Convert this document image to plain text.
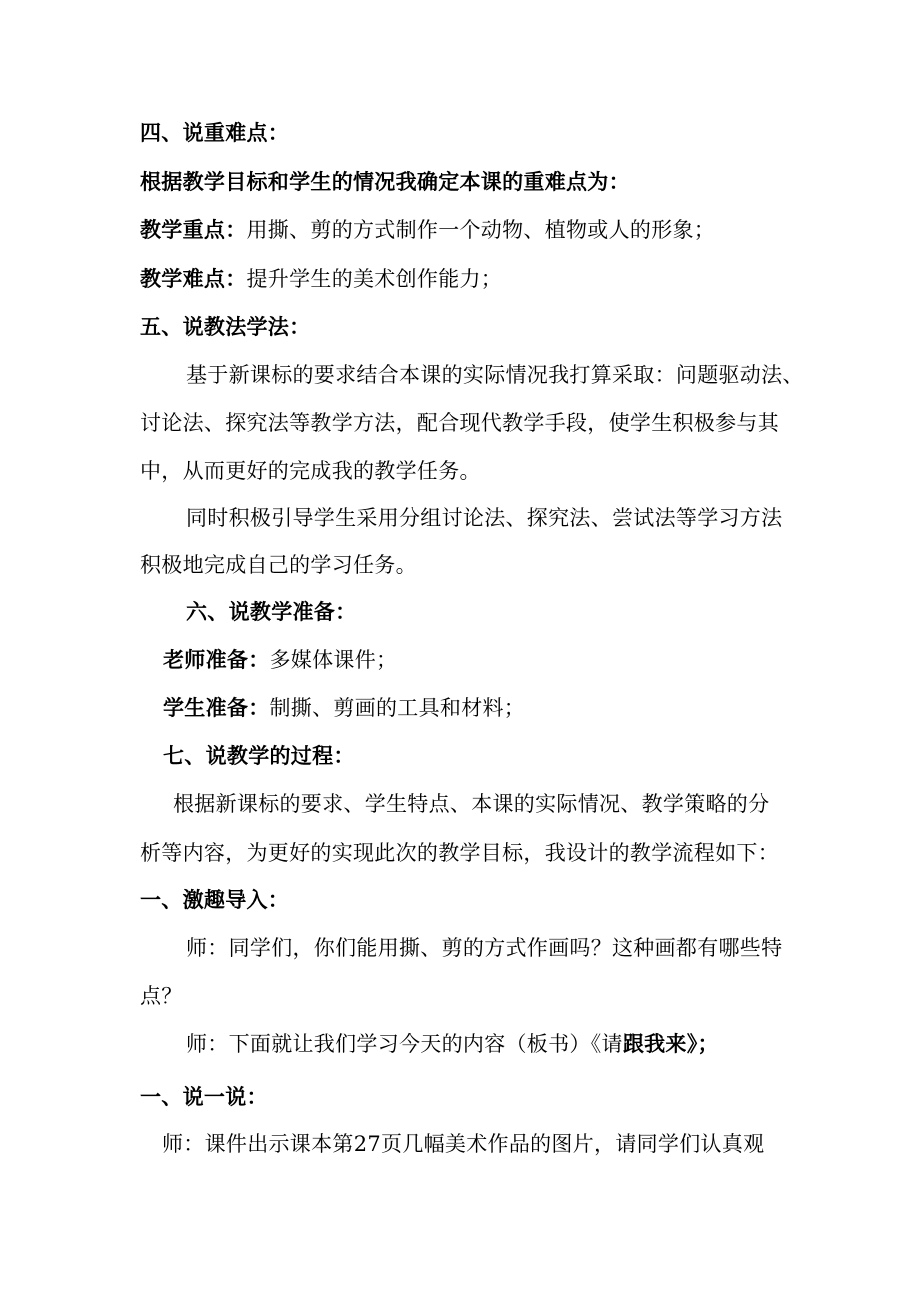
四、说重难点：
根据教学目标和学生的情况我确定本课的重难点为：
教学重点：用撕、剪的方式制作一个动物、植物或人的形象；
教学难点：提升学生的美术创作能力；
五、说教法学法：
基于新课标的要求结合本课的实际情况我打算采取：问题驱动法、
讨论法、探究法等教学方法，配合现代教学手段，使学生积极参与其
中，从而更好的完成我的教学任务。
同时积极引导学生采用分组讨论法、探究法、尝试法等学习方法
积极地完成自己的学习任务。
六、说教学准备：
老师准备：多媒体课件；
学生准备：制撕、剪画的工具和材料；
七、说教学的过程：
根据新课标的要求、学生特点、本课的实际情况、教学策略的分
析等内容，为更好的实现此次的教学目标，我设计的教学流程如下：
一、激趣导入：
师：同学们，你们能用撕、剪的方式作画吗？这种画都有哪些特
点？
师：下面就让我们学习今天的内容（板书）《请跟我来》；
一、说一说：
师：课件出示课本第27页几幅美术作品的图片，请同学们认真观
